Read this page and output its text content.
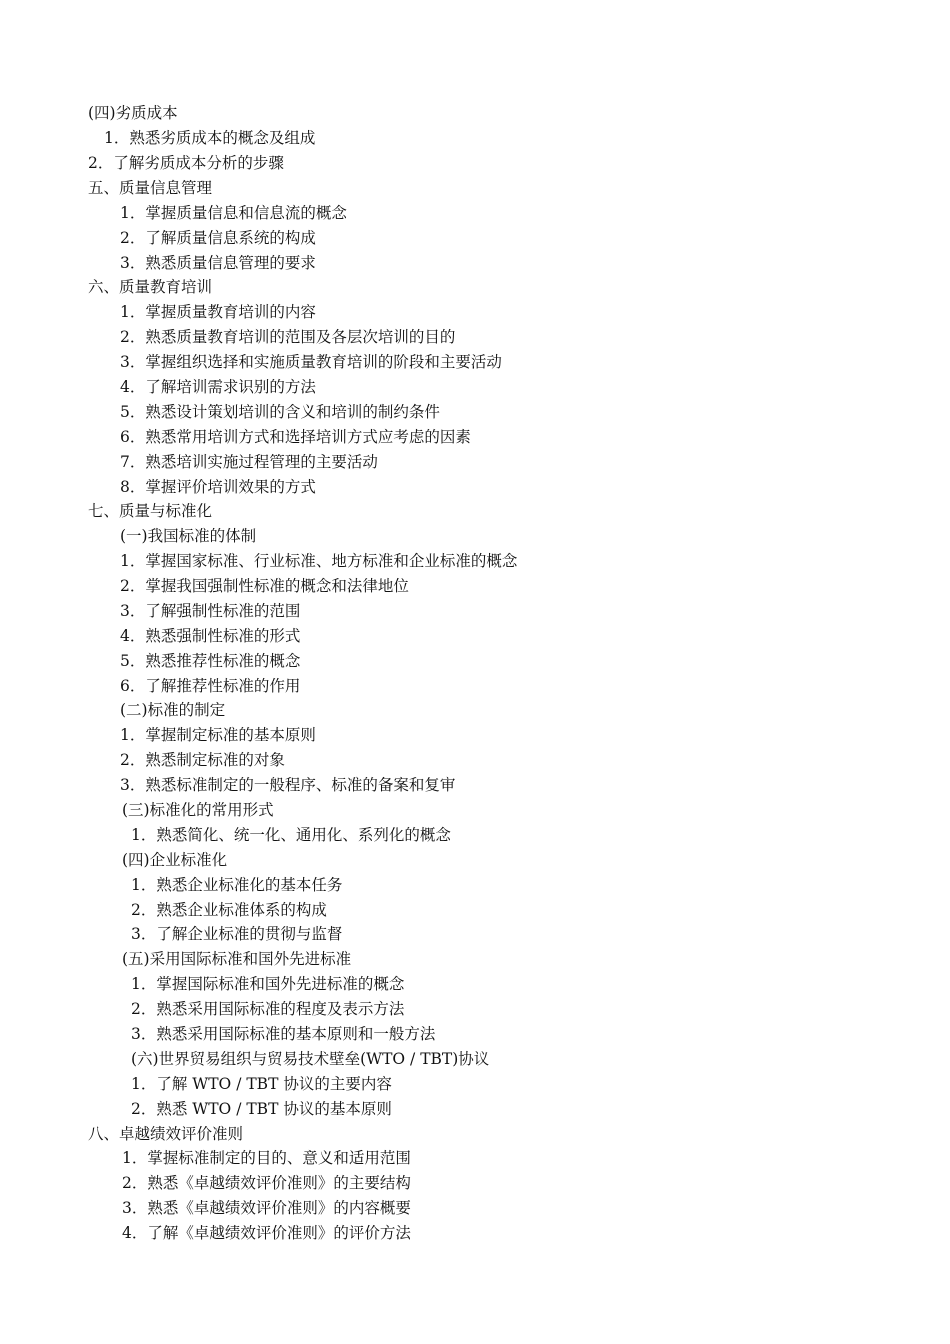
(四)劣质成本
1．熟悉劣质成本的概念及组成
2．了解劣质成本分析的步骤
五、质量信息管理
1．掌握质量信息和信息流的概念
2．了解质量信息系统的构成
3．熟悉质量信息管理的要求
六、质量教育培训
1．掌握质量教育培训的内容
2．熟悉质量教育培训的范围及各层次培训的目的
3．掌握组织选择和实施质量教育培训的阶段和主要活动
4．了解培训需求识别的方法
5．熟悉设计策划培训的含义和培训的制约条件
6．熟悉常用培训方式和选择培训方式应考虑的因素
7．熟悉培训实施过程管理的主要活动
8．掌握评价培训效果的方式
七、质量与标准化
(一)我国标准的体制
1．掌握国家标准、行业标准、地方标准和企业标准的概念
2．掌握我国强制性标准的概念和法律地位
3．了解强制性标准的范围
4．熟悉强制性标准的形式
5．熟悉推荐性标准的概念
6．了解推荐性标准的作用
(二)标准的制定
1．掌握制定标准的基本原则
2．熟悉制定标准的对象
3．熟悉标准制定的一般程序、标准的备案和复审
(三)标准化的常用形式
1．熟悉简化、统一化、通用化、系列化的概念
(四)企业标准化
1．熟悉企业标准化的基本任务
2．熟悉企业标准体系的构成
3．了解企业标准的贯彻与监督
(五)采用国际标准和国外先进标准
1．掌握国际标准和国外先进标准的概念
2．熟悉采用国际标准的程度及表示方法
3．熟悉采用国际标准的基本原则和一般方法
(六)世界贸易组织与贸易技术壁垒(WTO / TBT)协议
1．了解 WTO / TBT 协议的主要内容
2．熟悉 WTO / TBT 协议的基本原则
八、卓越绩效评价准则
1．掌握标准制定的目的、意义和适用范围
2．熟悉《卓越绩效评价准则》的主要结构
3．熟悉《卓越绩效评价准则》的内容概要
4．了解《卓越绩效评价准则》的评价方法
